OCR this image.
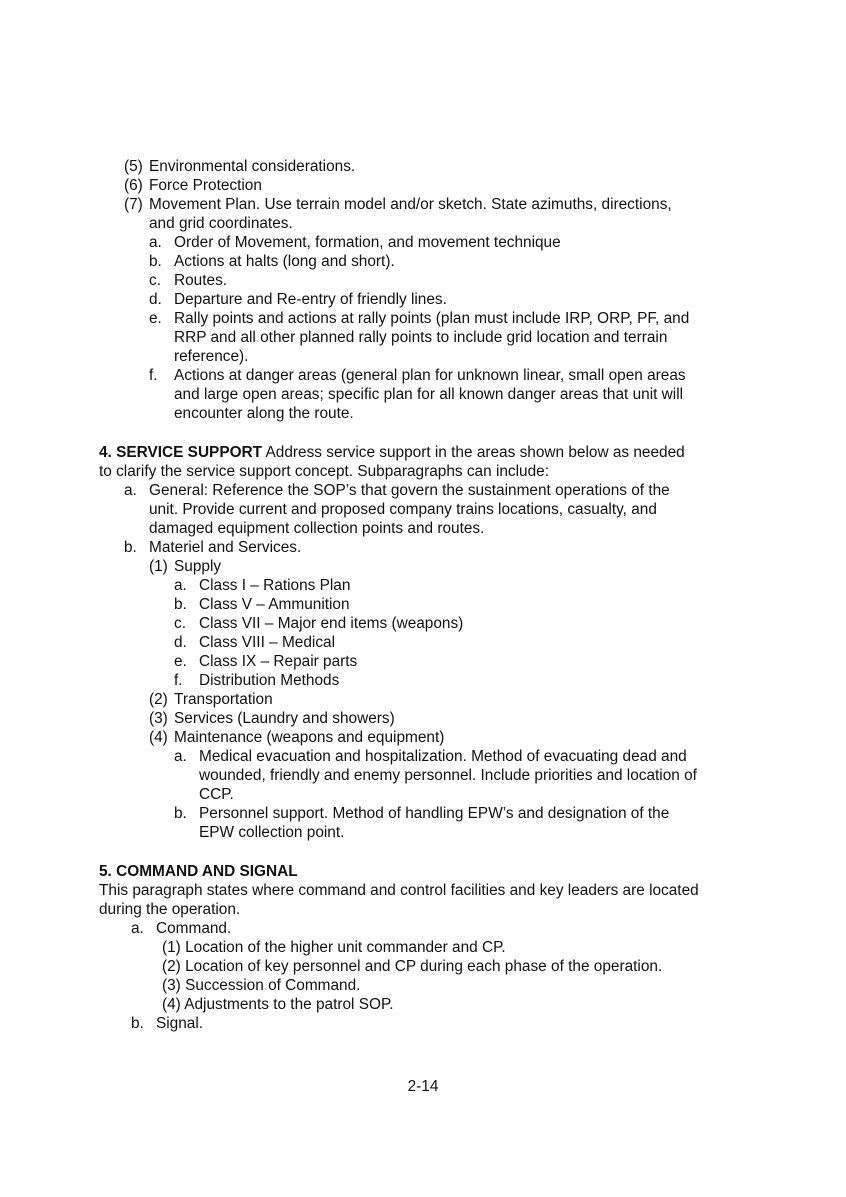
(5) Environmental considerations.
(6) Force Protection
(7) Movement Plan. Use terrain model and/or sketch. State azimuths, directions,
and grid coordinates.
a. Order of Movement, formation, and movement technique
b. Actions at halts (long and short).
c. Routes.
d. Departure and Re-entry of friendly lines.
e. Rally points and actions at rally points (plan must include IRP, ORP, PF, and
RRP and all other planned rally points to include grid location and terrain
reference).
f. Actions at danger areas (general plan for unknown linear, small open areas
and large open areas; specific plan for all known danger areas that unit will
encounter along the route.
4. SERVICE SUPPORT Address service support in the areas shown below as needed
to clarify the service support concept. Subparagraphs can include:
a. General: Reference the SOP’s that govern the sustainment operations of the
unit. Provide current and proposed company trains locations, casualty, and
damaged equipment collection points and routes.
b. Materiel and Services.
(1) Supply
a. Class I – Rations Plan
b. Class V – Ammunition
c. Class VII – Major end items (weapons)
d. Class VIII – Medical
e. Class IX – Repair parts
f. Distribution Methods
(2) Transportation
(3) Services (Laundry and showers)
(4) Maintenance (weapons and equipment)
a. Medical evacuation and hospitalization. Method of evacuating dead and
wounded, friendly and enemy personnel. Include priorities and location of
CCP.
b. Personnel support. Method of handling EPW’s and designation of the
EPW collection point.
5. COMMAND AND SIGNAL
This paragraph states where command and control facilities and key leaders are located
during the operation.
a. Command.
(1) Location of the higher unit commander and CP.
(2) Location of key personnel and CP during each phase of the operation.
(3) Succession of Command.
(4) Adjustments to the patrol SOP.
b. Signal.
2-14
